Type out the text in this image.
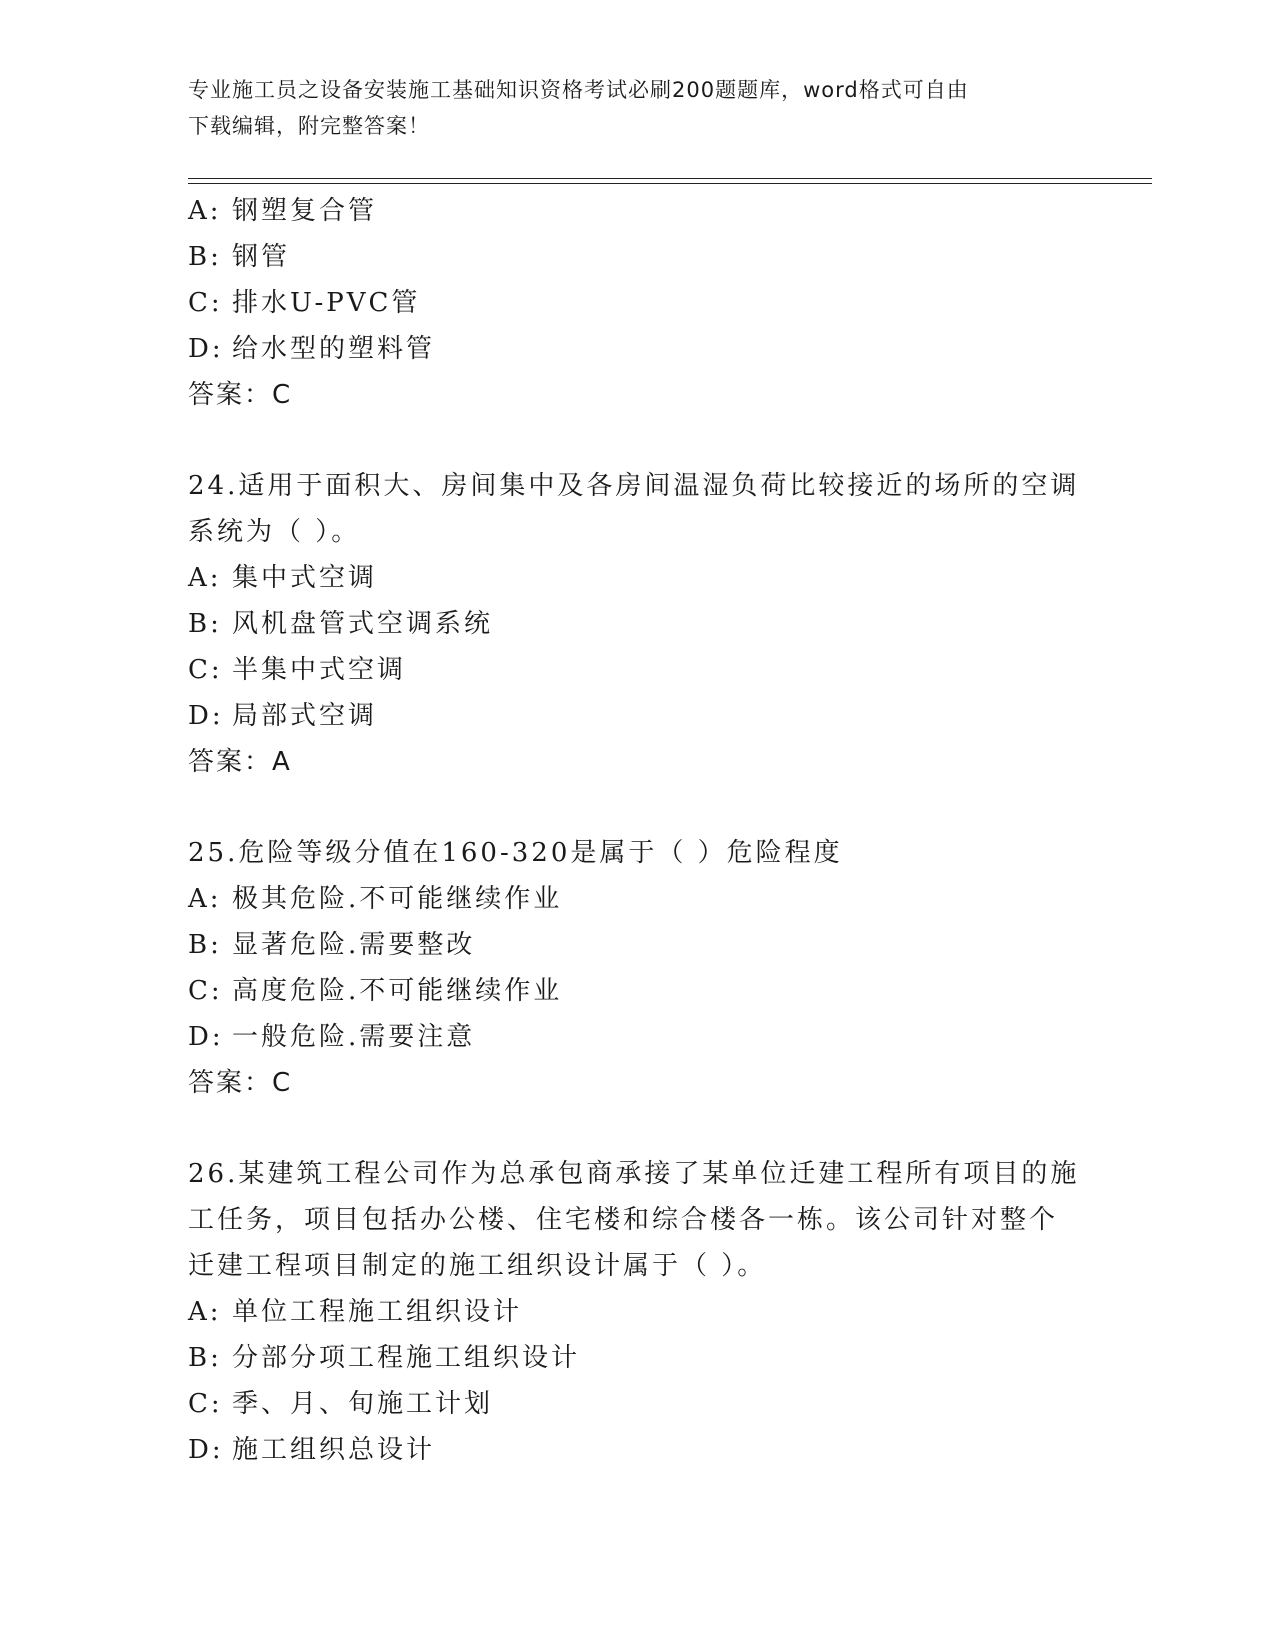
专业施工员之设备安装施工基础知识资格考试必刷200题题库，word格式可自由
下载编辑，附完整答案！
A: 钢塑复合管
B: 钢管
C: 排水U-PVC管
D: 给水型的塑料管
答案：C
24.适用于面积大、房间集中及各房间温湿负荷比较接近的场所的空调
系统为（ ）。
A: 集中式空调
B: 风机盘管式空调系统
C: 半集中式空调
D: 局部式空调
答案：A
25.危险等级分值在160-320是属于（ ）危险程度
A: 极其危险.不可能继续作业
B: 显著危险.需要整改
C: 高度危险.不可能继续作业
D: 一般危险.需要注意
答案：C
26.某建筑工程公司作为总承包商承接了某单位迁建工程所有项目的施
工任务，项目包括办公楼、住宅楼和综合楼各一栋。该公司针对整个
迁建工程项目制定的施工组织设计属于（ ）。
A: 单位工程施工组织设计
B: 分部分项工程施工组织设计
C: 季、月、旬施工计划
D: 施工组织总设计
